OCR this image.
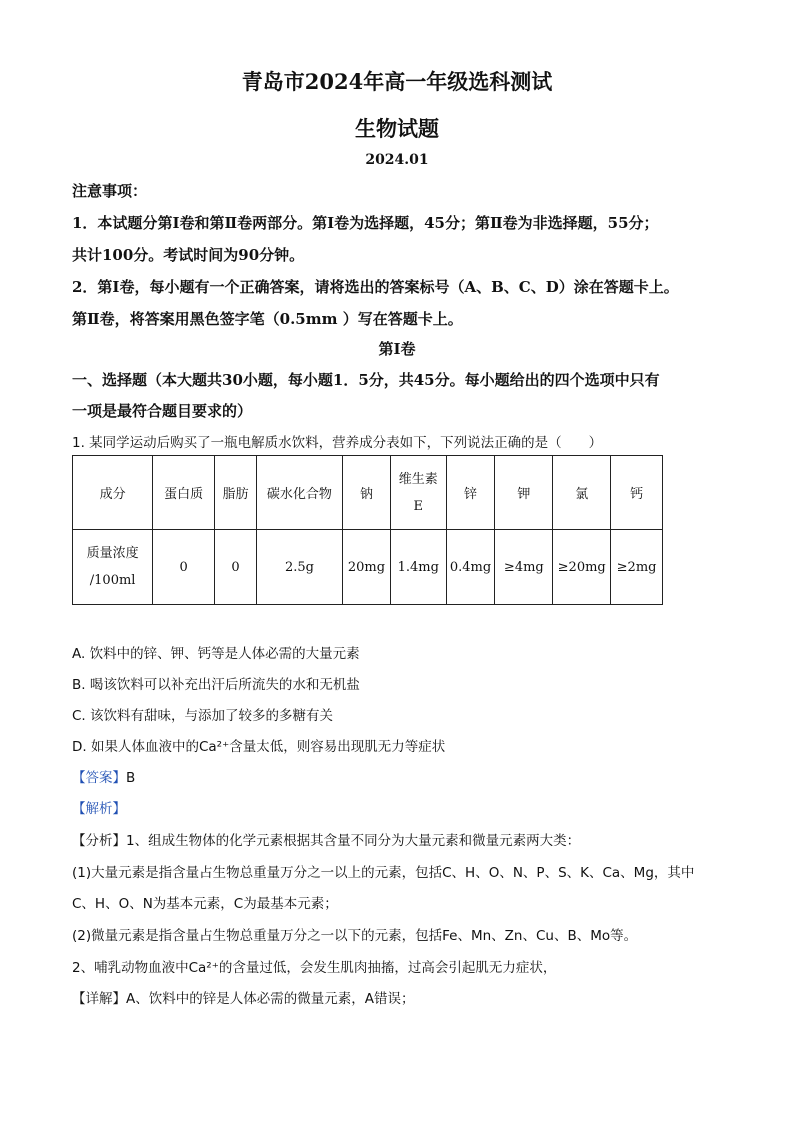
青岛市2024年高一年级选科测试
生物试题
2024.01
注意事项：
1．本试题分第Ⅰ卷和第Ⅱ卷两部分。第Ⅰ卷为选择题，45分；第Ⅱ卷为非选择题，55分；
共计100分。考试时间为90分钟。
2．第Ⅰ卷，每小题有一个正确答案，请将选出的答案标号（A、B、C、D）涂在答题卡上。
第Ⅱ卷，将答案用黑色签字笔（0.5mm ）写在答题卡上。
第Ⅰ卷
一、选择题（本大题共30小题，每小题1．5分，共45分。每小题给出的四个选项中只有
一项是最符合题目要求的）
1. 某同学运动后购买了一瓶电解质水饮料，营养成分表如下，下列说法正确的是（　　）
成分	蛋白质	脂肪	碳水化合物	钠	维生素
E	锌	钾	氯	钙

质量浓度
/100ml	0	0	2.5g	20mg	1.4mg	0.4mg	≥4mg	≥20mg	≥2mg
A. 饮料中的锌、钾、钙等是人体必需的大量元素
B. 喝该饮料可以补充出汗后所流失的水和无机盐
C. 该饮料有甜味，与添加了较多的多糖有关
D. 如果人体血液中的Ca²⁺含量太低，则容易出现肌无力等症状
【答案】B
【解析】
【分析】1、组成生物体的化学元素根据其含量不同分为大量元素和微量元素两大类：
(1)大量元素是指含量占生物总重量万分之一以上的元素，包括C、H、O、N、P、S、K、Ca、Mg，其中
C、H、O、N为基本元素，C为最基本元素；
(2)微量元素是指含量占生物总重量万分之一以下的元素，包括Fe、Mn、Zn、Cu、B、Mo等。
2、哺乳动物血液中Ca²⁺的含量过低，会发生肌肉抽搐，过高会引起肌无力症状，
【详解】A、饮料中的锌是人体必需的微量元素，A错误；
